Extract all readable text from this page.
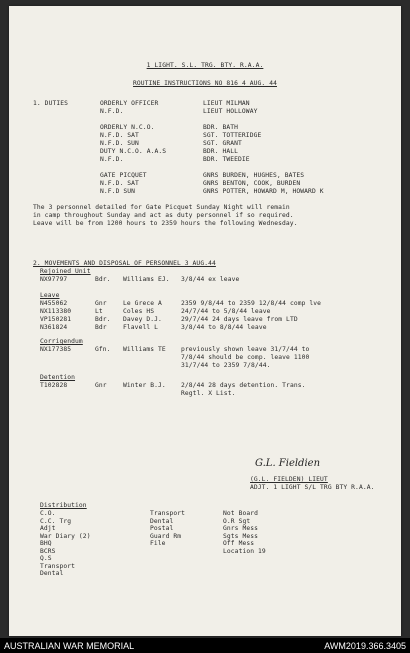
1 LIGHT. S.L. TRG. BTY. R.A.A.
ROUTINE INSTRUCTIONS NO 816 4 AUG. 44
1. DUTIES	ORDERLY OFFICER	LIEUT MILMAN
N.F.D.	LIEUT HOLLOWAY
ORDERLY N.C.O.	BDR. BATH
N.F.D. SAT	SGT. TOTTERIDGE
N.F.D. SUN	SGT. GRANT
DUTY N.C.O. A.A.S	BDR. HALL
N.F.D.	BDR. TWEEDIE
GATE PICQUET	GNRS BURDEN, HUGHES, BATES
N.F.D. SAT	GNRS BENTON, COOK, BURDEN
N.F.D SUN	GNRS POTTER, HOWARD M, HOWARD K
The 3 personnel detailed for Gate Picquet Sunday Night will remain
in camp throughout Sunday and act as duty personnel if so required.
Leave will be from 1200 hours to 2359 hours the following Wednesday.
2. MOVEMENTS AND DISPOSAL OF PERSONNEL 3 AUG.44
Rejoined Unit
NX97797	Bdr. Williams EJ. 3/8/44 ex leave
Leave
N455062	Gnr	Le Grece A	2359 9/8/44 to 2359 12/8/44 comp lve
NX113380	Lt	Coles HS	24/7/44 to 5/8/44 leave
VP150281	Bdr. Davey D.J.	29/7/44 24 days leave from LTD
N361824	Bdr	Flavell L	3/8/44 to 8/8/44 leave
Corrigendum
NX177385	Gfn. Williams TE previously shown leave 31/7/44 to
7/8/44 should be comp. leave 1100
31/7/44 to 2359 7/8/44.
Detention
T102828	Gnr	Winter B.J. 2/8/44 28 days detention. Trans.
Regtl. X List.
G.L. Fieldien
(G.L. FIELDEN) LIEUT
ADJT. 1 LIGHT S/L TRG BTY R.A.A.
Distribution
C.O.
C.C. Trg
Adjt
War Diary (2)
BHQ
BCRS
Q.S
Transport
Dental
Transport
Dental
Postal
Guard Rm
File
Not Board
O.R Sgt
Gnrs Mess
Sgts Mess
Off Mess
Location 19
AUSTRALIAN WAR MEMORIAL	AWM2019.366.3405
